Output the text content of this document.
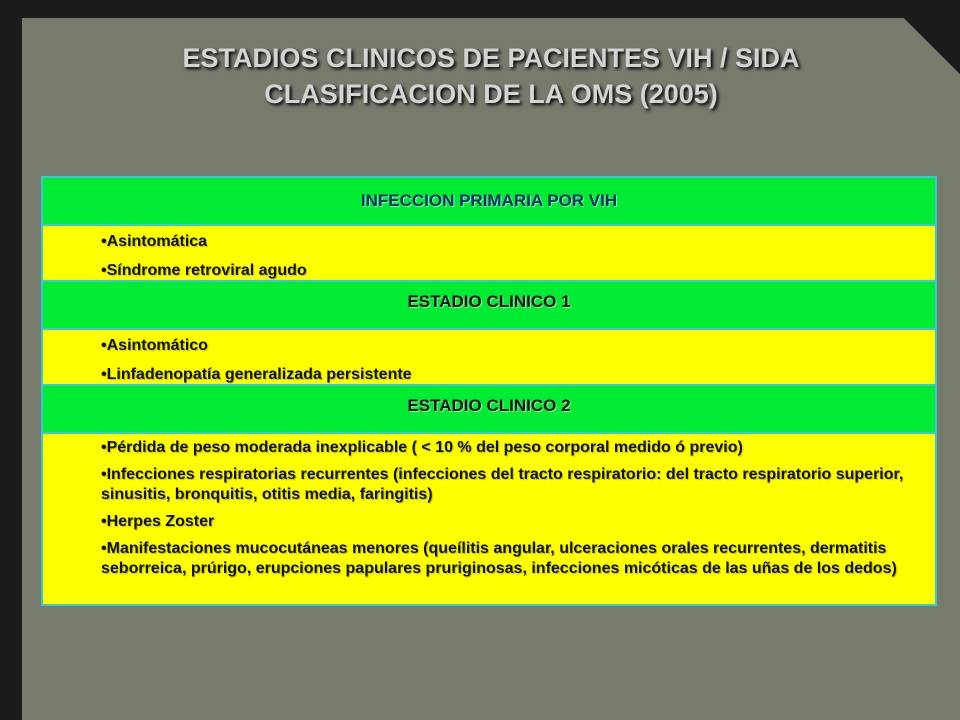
ESTADIOS CLINICOS DE PACIENTES VIH / SIDA
CLASIFICACION DE LA OMS (2005)
INFECCION PRIMARIA POR VIH
•Asintomática
•Síndrome retroviral agudo
ESTADIO CLINICO 1
•Asintomático
•Linfadenopatía generalizada persistente
ESTADIO CLINICO 2
•Pérdida de peso moderada inexplicable ( < 10 % del peso corporal medido ó previo)
•Infecciones respiratorias recurrentes (infecciones del tracto respiratorio: del tracto respiratorio superior, sinusitis, bronquitis, otitis media, faringitis)
•Herpes Zoster
•Manifestaciones mucocutáneas menores (queílitis angular, ulceraciones orales recurrentes, dermatitis seborreica, prúrigo, erupciones papulares pruriginosas, infecciones micóticas de las uñas de los dedos)
